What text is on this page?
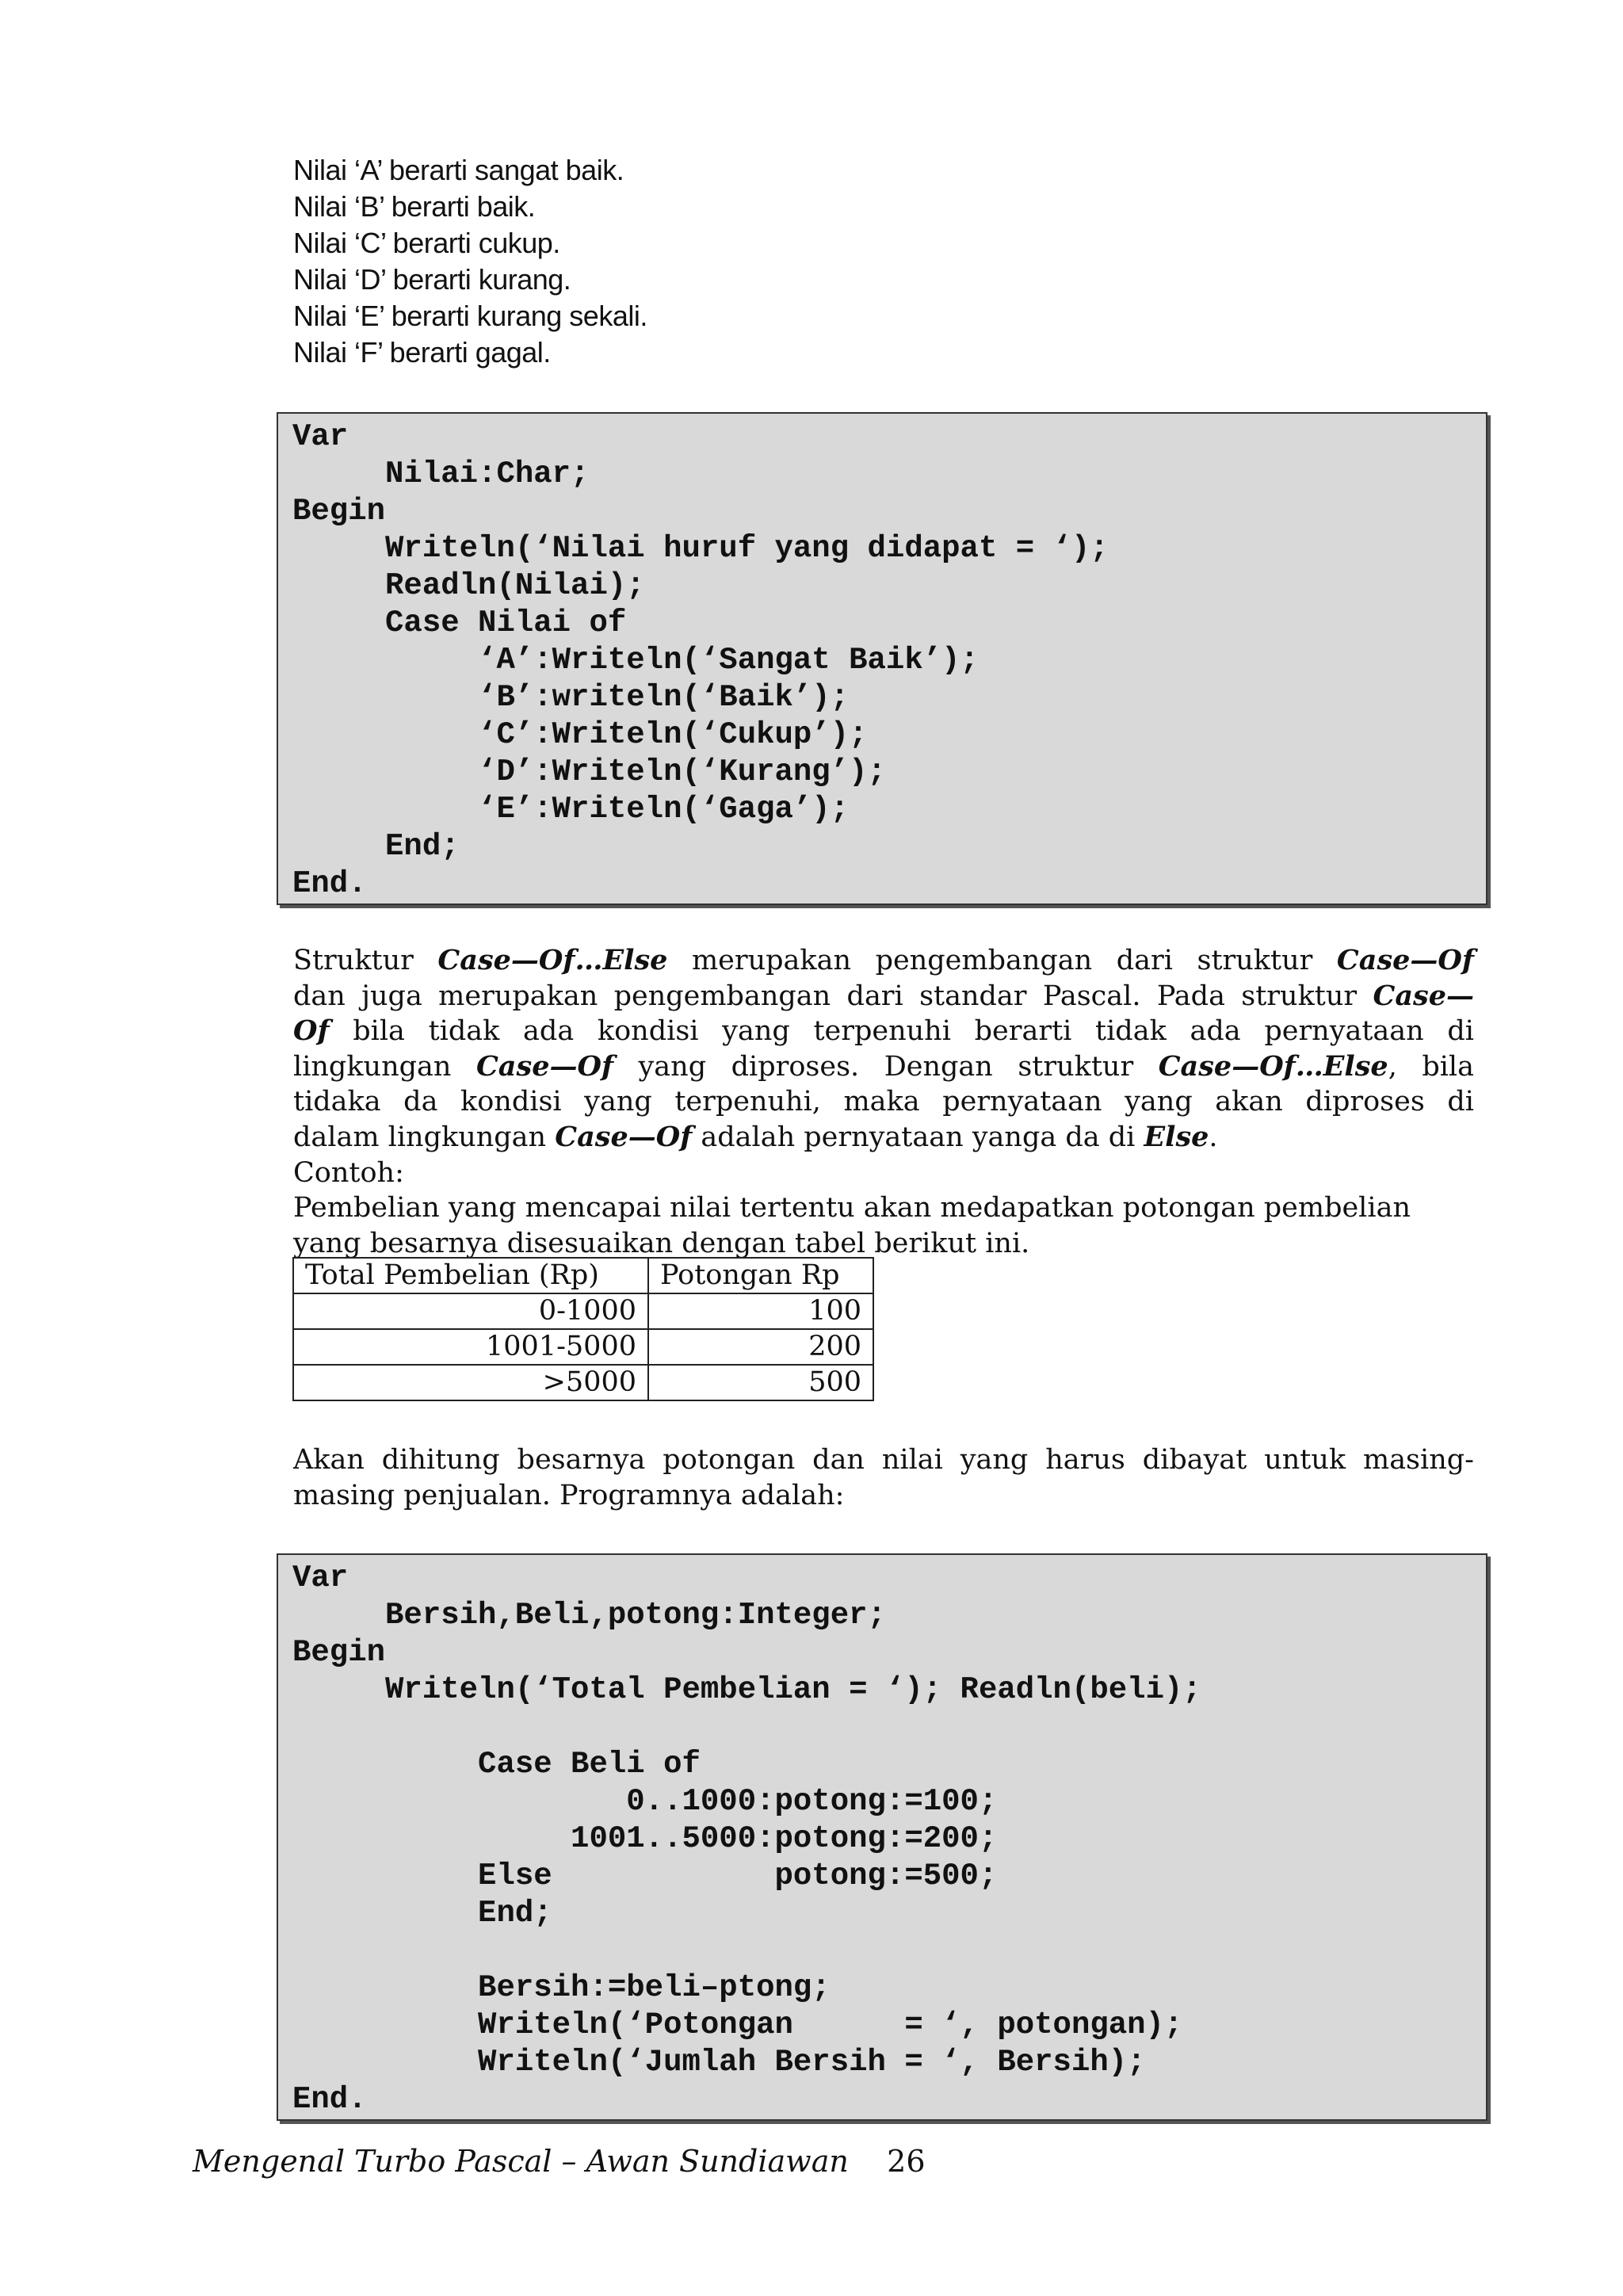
Nilai ‘A’ berarti sangat baik.
Nilai ‘B’ berarti baik.
Nilai ‘C’ berarti cukup.
Nilai ‘D’ berarti kurang.
Nilai ‘E’ berarti kurang sekali.
Nilai ‘F’ berarti gagal.
Var
Nilai:Char;
Begin
Writeln(‘Nilai huruf yang didapat = ‘);
Readln(Nilai);
Case Nilai of
‘A’:Writeln(‘Sangat Baik’);
‘B’:writeln(‘Baik’);
‘C’:Writeln(‘Cukup’);
‘D’:Writeln(‘Kurang’);
‘E’:Writeln(‘Gaga’);
End;
End.
Struktur Case—Of…Else merupakan pengembangan dari struktur Case—Of
dan juga merupakan pengembangan dari standar Pascal. Pada struktur Case—
Of bila tidak ada kondisi yang terpenuhi berarti tidak ada pernyataan di
lingkungan Case—Of yang diproses. Dengan struktur Case—Of…Else, bila
tidaka da kondisi yang terpenuhi, maka pernyataan yang akan diproses di
dalam lingkungan Case—Of adalah pernyataan yanga da di Else.
Contoh:
Pembelian yang mencapai nilai tertentu akan medapatkan potongan pembelian
yang besarnya disesuaikan dengan tabel berikut ini.
Total Pembelian (Rp)	Potongan Rp
0-1000	100
1001-5000	200
>5000	500
Akan dihitung besarnya potongan dan nilai yang harus dibayat untuk masing-
masing penjualan. Programnya adalah:
Var
Bersih,Beli,potong:Integer;
Begin
Writeln(‘Total Pembelian = ‘); Readln(beli);
Case Beli of
0..1000:potong:=100;
1001..5000:potong:=200;
Else            potong:=500;
End;
Bersih:=beli–ptong;
Writeln(‘Potongan      = ‘, potongan);
Writeln(‘Jumlah Bersih = ‘, Bersih);
End.
Mengenal Turbo Pascal – Awan Sundiawan 26
